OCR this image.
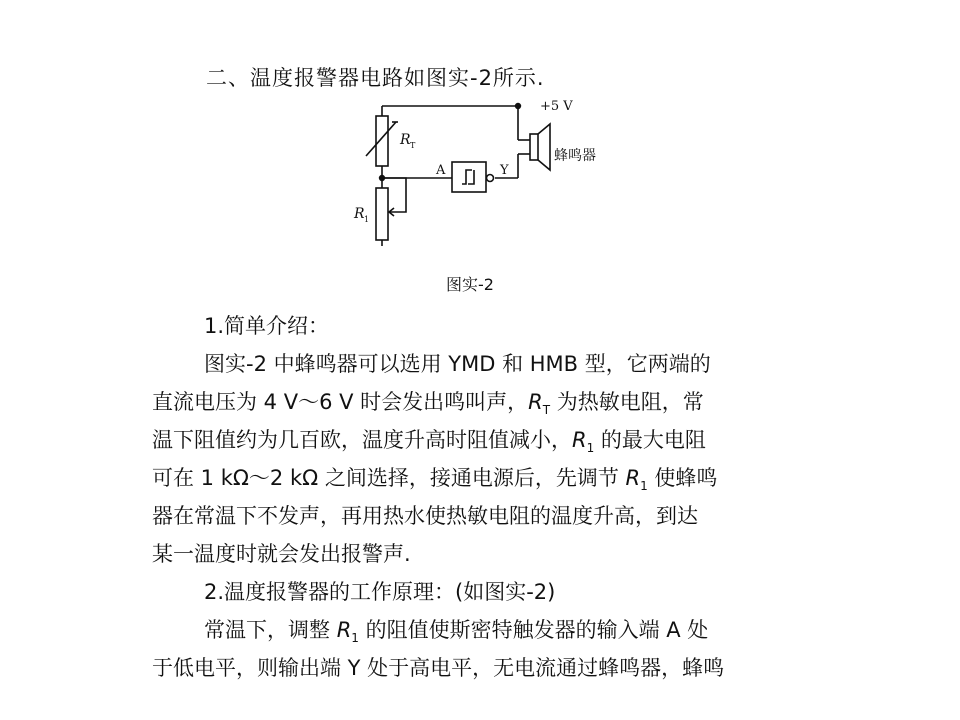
二、温度报警器电路如图实-2所示.
+5 V
蜂鸣器
A	Y
R T
R 1
图实-2
1.简单介绍：
图实-2 中蜂鸣器可以选用 YMD 和 HMB 型，它两端的
直流电压为 4 V～6 V 时会发出鸣叫声，$R_T$ 为热敏电阻，常
温下阻值约为几百欧，温度升高时阻值减小，$R_1$ 的最大电阻
可在 1 kΩ～2 kΩ 之间选择，接通电源后，先调节 $R_1$ 使蜂鸣
器在常温下不发声，再用热水使热敏电阻的温度升高，到达
某一温度时就会发出报警声.
2.温度报警器的工作原理：(如图实-2)
常温下，调整 $R_1$ 的阻值使斯密特触发器的输入端 A 处
于低电平，则输出端 Y 处于高电平，无电流通过蜂鸣器，蜂鸣
